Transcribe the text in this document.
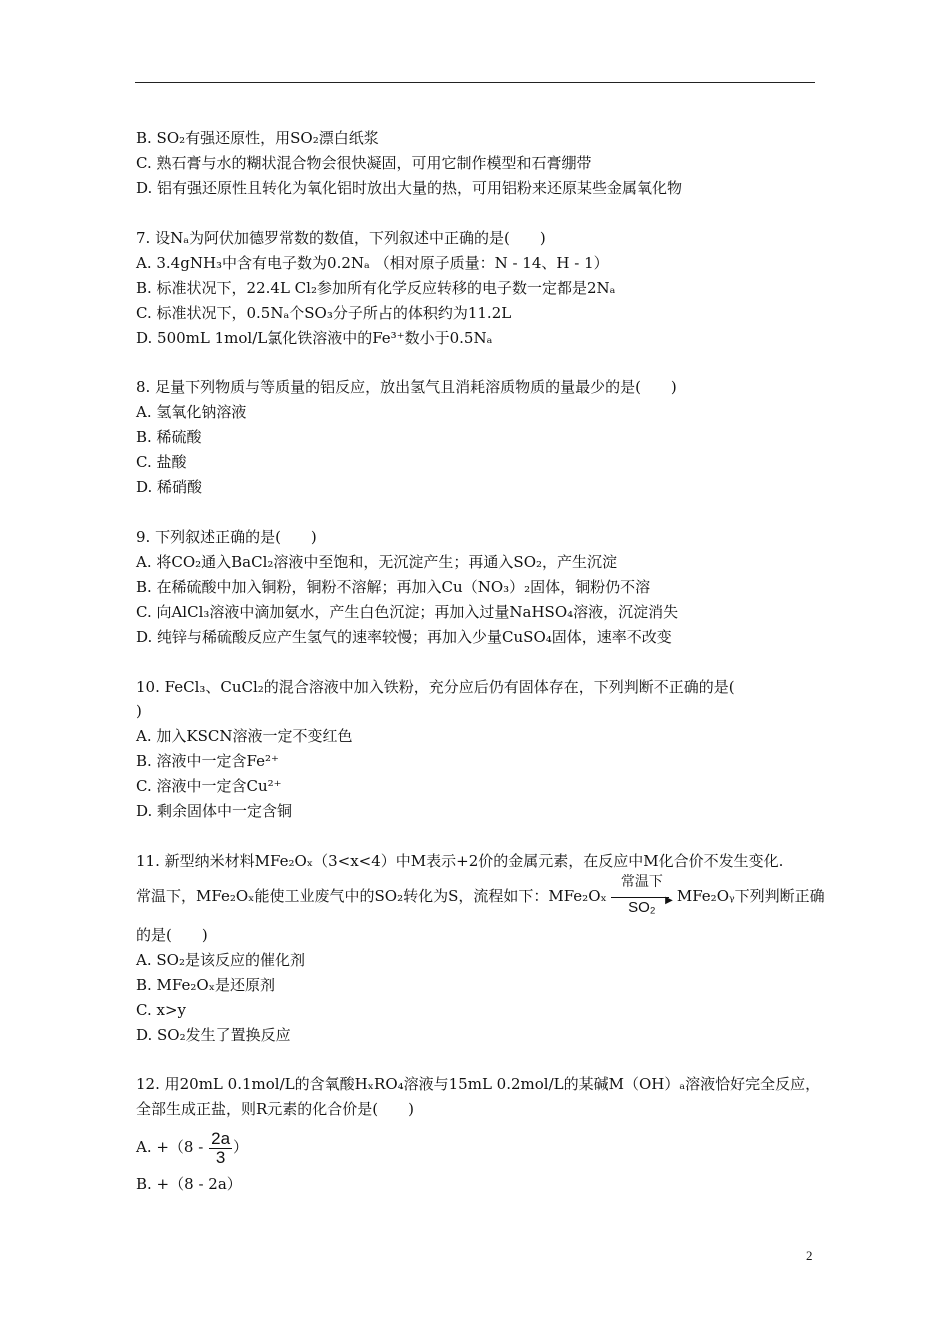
B. SO₂有强还原性，用SO₂漂白纸浆
C. 熟石膏与水的糊状混合物会很快凝固，可用它制作模型和石膏绷带
D. 铝有强还原性且转化为氧化铝时放出大量的热，可用铝粉来还原某些金属氧化物
7. 设Nₐ为阿伏加德罗常数的数值，下列叙述中正确的是(　　)
A. 3.4gNH₃中含有电子数为0.2Nₐ （相对原子质量：N - 14、H - 1）
B. 标准状况下，22.4L Cl₂参加所有化学反应转移的电子数一定都是2Nₐ
C. 标准状况下，0.5Nₐ个SO₃分子所占的体积约为11.2L
D. 500mL 1mol/L氯化铁溶液中的Fe³⁺数小于0.5Nₐ
8. 足量下列物质与等质量的铝反应，放出氢气且消耗溶质物质的量最少的是(　　)
A. 氢氧化钠溶液
B. 稀硫酸
C. 盐酸
D. 稀硝酸
9. 下列叙述正确的是(　　)
A. 将CO₂通入BaCl₂溶液中至饱和，无沉淀产生；再通入SO₂，产生沉淀
B. 在稀硫酸中加入铜粉，铜粉不溶解；再加入Cu（NO₃）₂固体，铜粉仍不溶
C. 向AlCl₃溶液中滴加氨水，产生白色沉淀；再加入过量NaHSO₄溶液，沉淀消失
D. 纯锌与稀硫酸反应产生氢气的速率较慢；再加入少量CuSO₄固体，速率不改变
10. FeCl₃、CuCl₂的混合溶液中加入铁粉，充分应后仍有固体存在，下列判断不正确的是(
)
A. 加入KSCN溶液一定不变红色
B. 溶液中一定含Fe²⁺
C. 溶液中一定含Cu²⁺
D. 剩余固体中一定含铜
11. 新型纳米材料MFe₂Oₓ（3<x<4）中M表示+2价的金属元素，在反应中M化合价不发生变化.
常温下，MFe₂Oₓ能使工业废气中的SO₂转化为S，流程如下：MFe₂Oₓ
常温下
▶
SO₂
MFe₂Oᵧ下列判断正确
的是(　　)
A. SO₂是该反应的催化剂
B. MFe₂Oₓ是还原剂
C. x>y
D. SO₂发生了置换反应
12. 用20mL 0.1mol/L的含氧酸HₓRO₄溶液与15mL 0.2mol/L的某碱M（OH）ₐ溶液恰好完全反应，
全部生成正盐，则R元素的化合价是(　　)
A. $+(8 - \frac{2a}{3}$ ）
B. +（8 - 2a）
2
